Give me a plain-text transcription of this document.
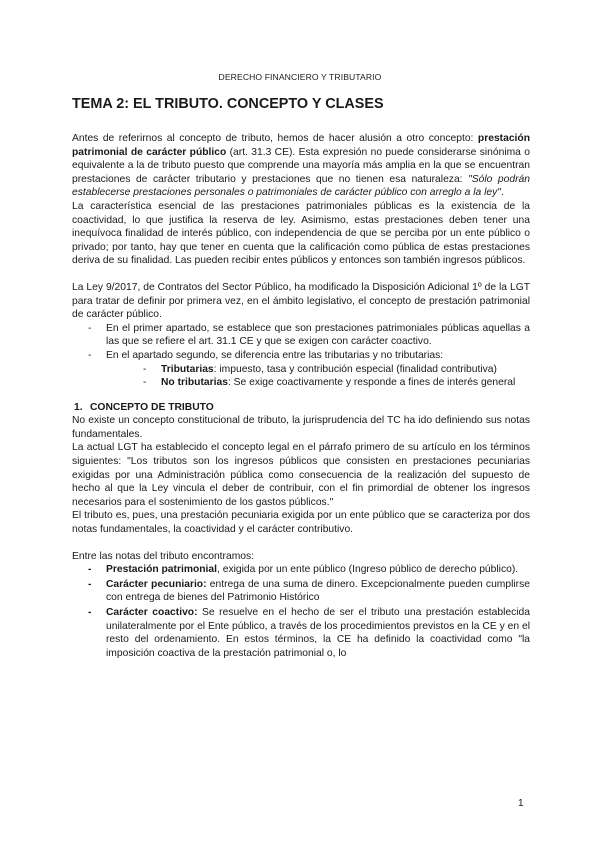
DERECHO FINANCIERO Y TRIBUTARIO
TEMA 2: EL TRIBUTO. CONCEPTO Y CLASES

Antes de referirnos al concepto de tributo, hemos de hacer alusión a otro concepto: prestación patrimonial de carácter público (art. 31.3 CE). Esta expresión no puede considerarse sinónima o equivalente a la de tributo puesto que comprende una mayoría más amplia en la que se encuentran prestaciones de carácter tributario y prestaciones que no tienen esa naturaleza: "Sólo podrán establecerse prestaciones personales o patrimoniales de carácter público con arreglo a la ley".

La característica esencial de las prestaciones patrimoniales públicas es la existencia de la coactividad, lo que justifica la reserva de ley. Asimismo, estas prestaciones deben tener una inequívoca finalidad de interés público, con independencia de que se perciba por un ente público o privado; por tanto, hay que tener en cuenta que la calificación como pública de estas prestaciones deriva de su finalidad. Las pueden recibir entes públicos y entonces son también ingresos públicos.

La Ley 9/2017, de Contratos del Sector Público, ha modificado la Disposición Adicional 1º de la LGT para tratar de definir por primera vez, en el ámbito legislativo, el concepto de prestación patrimonial de carácter público.

- En el primer apartado, se establece que son prestaciones patrimoniales públicas aquellas a las que se refiere el art. 31.1 CE y que se exigen con carácter coactivo.
- En el apartado segundo, se diferencia entre las tributarias y no tributarias:
- Tributarias: impuesto, tasa y contribución especial (finalidad contributiva)
- No tributarias: Se exige coactivamente y responde a fines de interés general
1. CONCEPTO DE TRIBUTO

No existe un concepto constitucional de tributo, la jurisprudencia del TC ha ido definiendo sus notas fundamentales.

La actual LGT ha establecido el concepto legal en el párrafo primero de su artículo en los términos siguientes: "Los tributos son los ingresos públicos que consisten en prestaciones pecuniarias exigidas por una Administración pública como consecuencia de la realización del supuesto de hecho al que la Ley vincula el deber de contribuir, con el fin primordial de obtener los ingresos necesarios para el sostenimiento de los gastos públicos."

El tributo es, pues, una prestación pecuniaria exigida por un ente público que se caracteriza por dos notas fundamentales, la coactividad y el carácter contributivo.

Entre las notas del tributo encontramos:

- Prestación patrimonial, exigida por un ente público (Ingreso público de derecho público).
- Carácter pecuniario: entrega de una suma de dinero. Excepcionalmente pueden cumplirse con entrega de bienes del Patrimonio Histórico
- Carácter coactivo: Se resuelve en el hecho de ser el tributo una prestación establecida unilateralmente por el Ente público, a través de los procedimientos previstos en la CE y en el resto del ordenamiento. En estos términos, la CE ha definido la coactividad como "la imposición coactiva de la prestación patrimonial o, lo
1
